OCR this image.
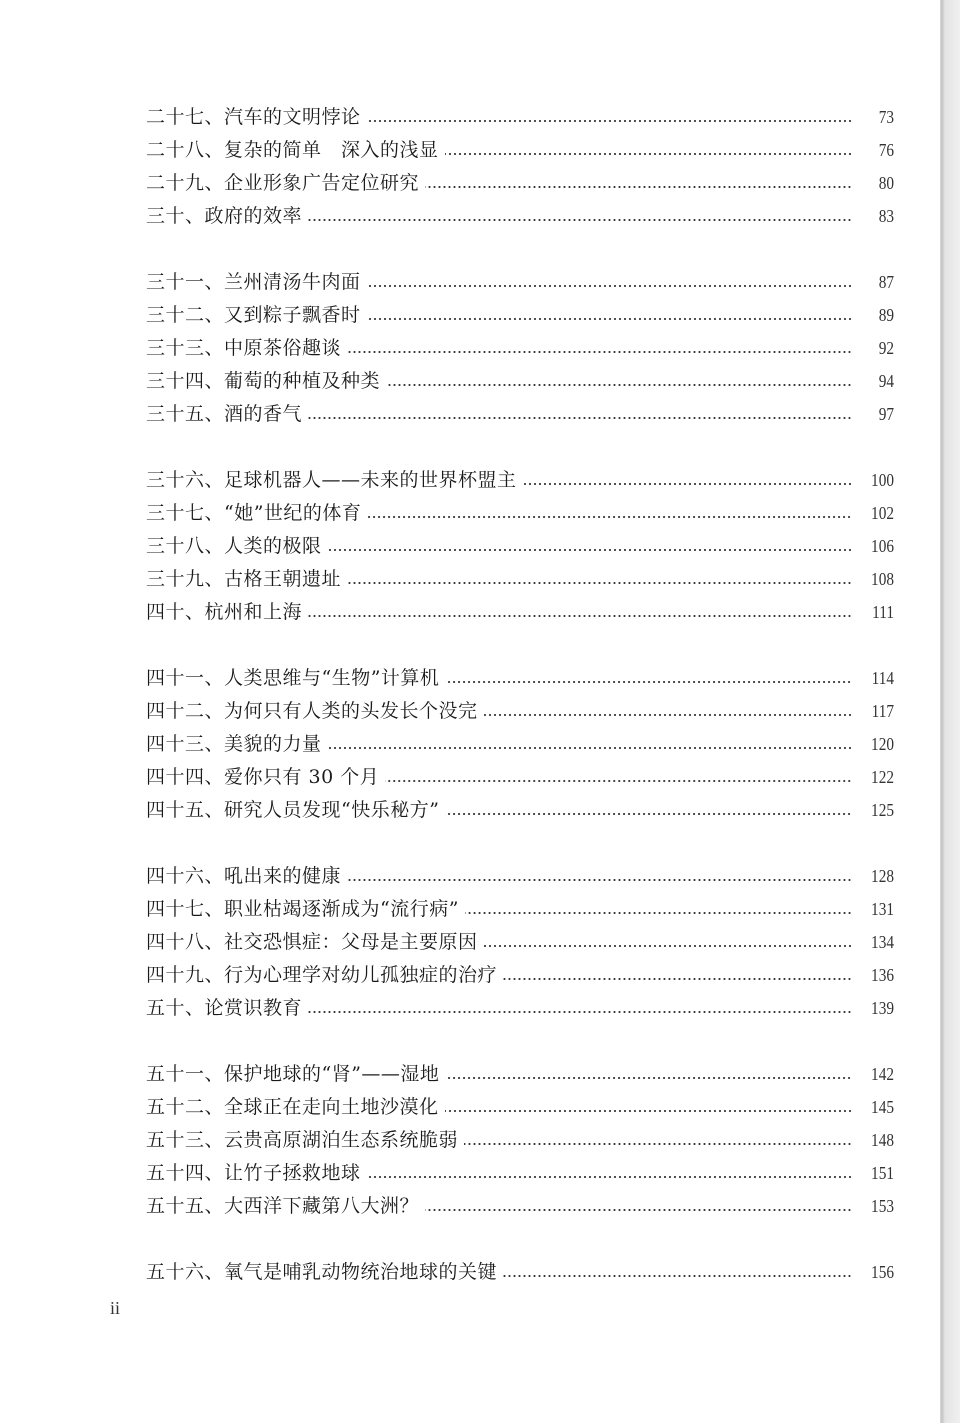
二十七、汽车的文明悖论	73
二十八、复杂的简单　深入的浅显	76
二十九、企业形象广告定位研究	80
三十、政府的效率	83
三十一、兰州清汤牛肉面	87
三十二、又到粽子飘香时	89
三十三、中原茶俗趣谈	92
三十四、葡萄的种植及种类	94
三十五、酒的香气	97
三十六、足球机器人——未来的世界杯盟主	100
三十七、“她”世纪的体育	102
三十八、人类的极限	106
三十九、古格王朝遗址	108
四十、杭州和上海	111
四十一、人类思维与“生物”计算机	114
四十二、为何只有人类的头发长个没完	117
四十三、美貌的力量	120
四十四、爱你只有 30 个月	122
四十五、研究人员发现“快乐秘方”	125
四十六、吼出来的健康	128
四十七、职业枯竭逐渐成为“流行病”	131
四十八、社交恐惧症：父母是主要原因	134
四十九、行为心理学对幼儿孤独症的治疗	136
五十、论赏识教育	139
五十一、保护地球的“肾”——湿地	142
五十二、全球正在走向土地沙漠化	145
五十三、云贵高原湖泊生态系统脆弱	148
五十四、让竹子拯救地球	151
五十五、大西洋下藏第八大洲？	153
五十六、氧气是哺乳动物统治地球的关键	156
ii
